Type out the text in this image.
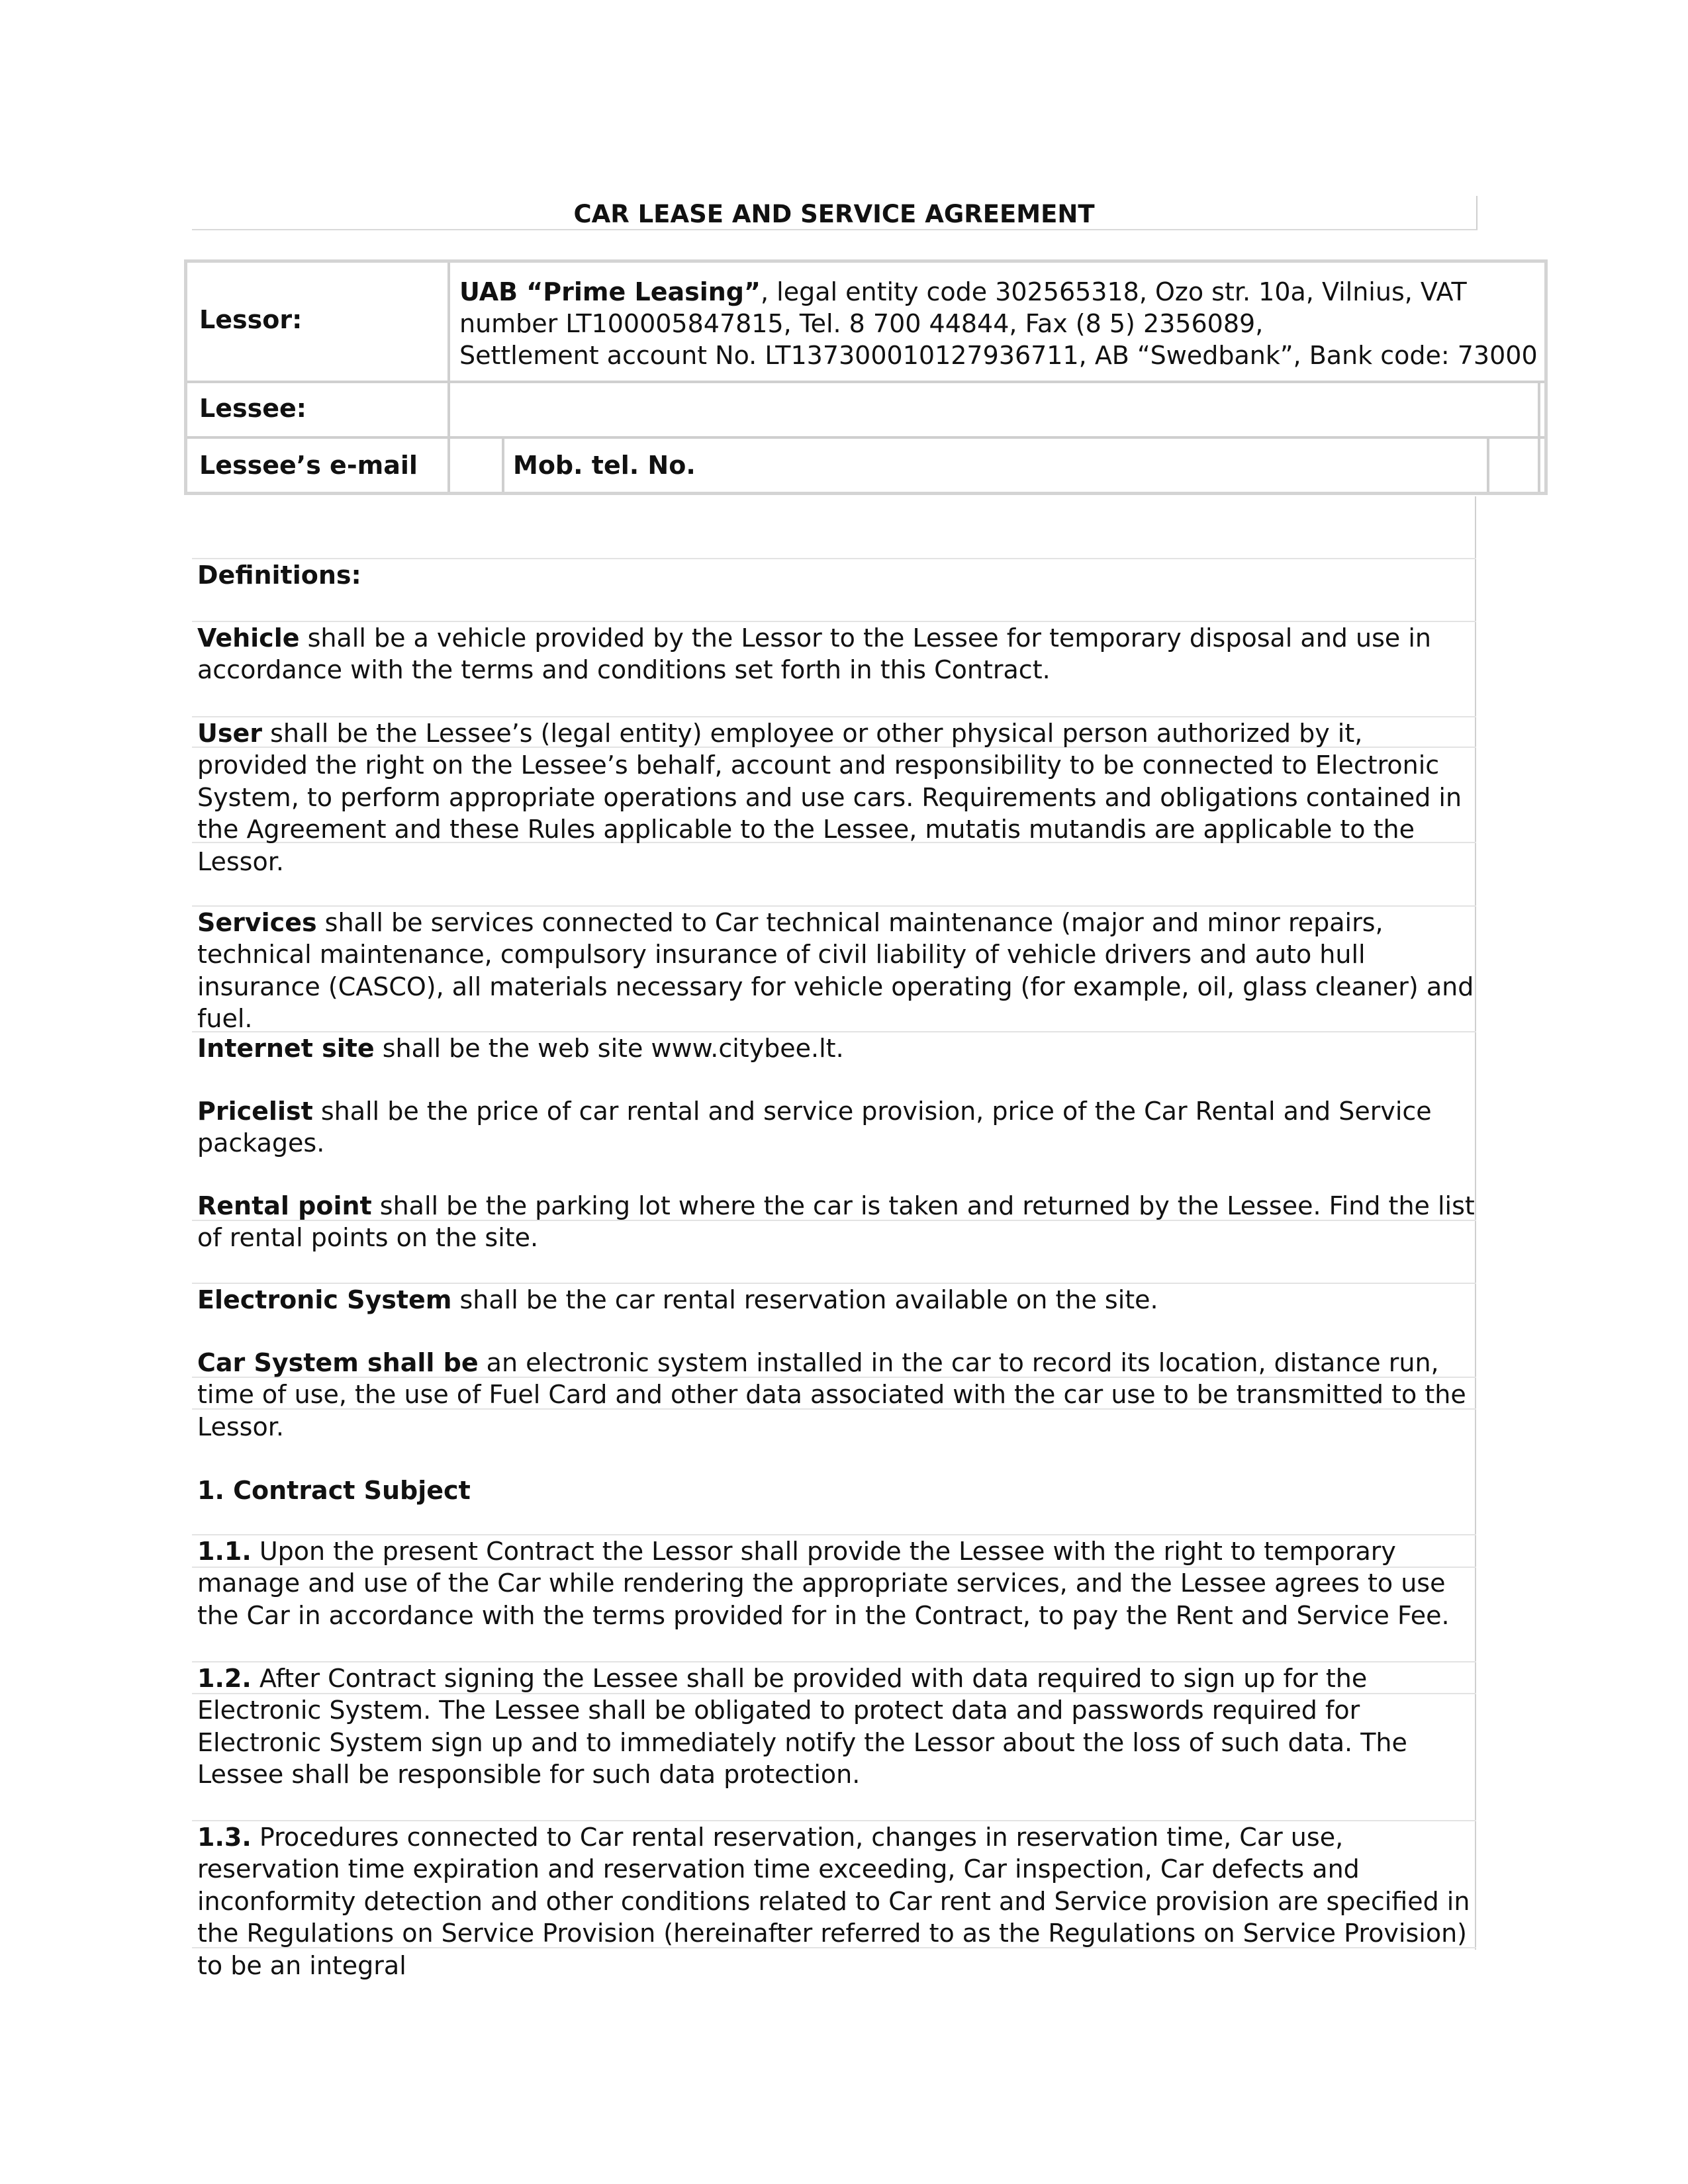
CAR LEASE AND SERVICE AGREEMENT
Lessor:
UAB “Prime Leasing”, legal entity code 302565318, Ozo str. 10a, Vilnius, VAT
number LT100005847815, Tel. 8 700 44844, Fax (8 5) 2356089,
Settlement account No. LT137300010127936711, AB “Swedbank”, Bank code: 73000
Lessee:
Lessee’s e-mail	Mob. tel. No.
Definitions:
Vehicle shall be a vehicle provided by the Lessor to the Lessee for temporary disposal and use in accordance with the terms and conditions set forth in this Contract.
User shall be the Lessee’s (legal entity) employee or other physical person authorized by it, provided the right on the Lessee’s behalf, account and responsibility to be connected to Electronic System, to perform appropriate operations and use cars. Requirements and obligations contained in the Agreement and these Rules applicable to the Lessee, mutatis mutandis are applicable to the Lessor.
Services shall be services connected to Car technical maintenance (major and minor repairs, technical maintenance, compulsory insurance of civil liability of vehicle drivers and auto hull insurance (CASCO), all materials necessary for vehicle operating (for example, oil, glass cleaner) and fuel.
Internet site shall be the web site www.citybee.lt.
Pricelist shall be the price of car rental and service provision, price of the Car Rental and Service packages.
Rental point shall be the parking lot where the car is taken and returned by the Lessee. Find the list of rental points on the site.
Electronic System shall be the car rental reservation available on the site.
Car System shall be an electronic system installed in the car to record its location, distance run, time of use, the use of Fuel Card and other data associated with the car use to be transmitted to the Lessor.
1. Contract Subject
1.1. Upon the present Contract the Lessor shall provide the Lessee with the right to temporary manage and use of the Car while rendering the appropriate services, and the Lessee agrees to use the Car in accordance with the terms provided for in the Contract, to pay the Rent and Service Fee.
1.2. After Contract signing the Lessee shall be provided with data required to sign up for the Electronic System. The Lessee shall be obligated to protect data and passwords required for Electronic System sign up and to immediately notify the Lessor about the loss of such data. The Lessee shall be responsible for such data protection.
1.3. Procedures connected to Car rental reservation, changes in reservation time, Car use, reservation time expiration and reservation time exceeding, Car inspection, Car defects and inconformity detection and other conditions related to Car rent and Service provision are specified in the Regulations on Service Provision (hereinafter referred to as the Regulations on Service Provision) to be an integral
